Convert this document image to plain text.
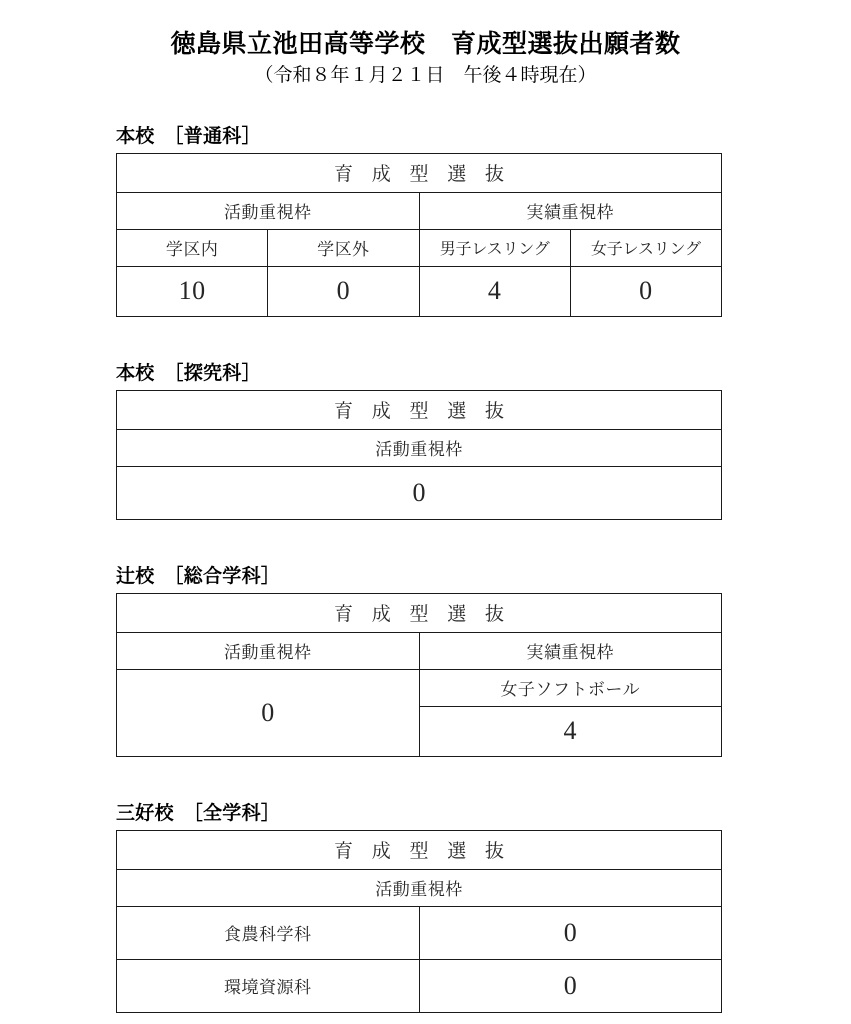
徳島県立池田高等学校　育成型選抜出願者数
（令和８年１月２１日　午後４時現在）
本校　［普通科］
育 成 型 選 抜			
活動重視枠		実績重視枠	
学区内	学区外	男子レスリング	女子レスリング
10	0	4	0
本校　［探究科］
育 成 型 選 抜
活動重視枠
0
辻校　［総合学科］
育 成 型 選 抜	
活動重視枠	実績重視枠
0	女子ソフトボール
	4
三好校　［全学科］
育 成 型 選 抜	
活動重視枠	
食農科学科	0
環境資源科	0
